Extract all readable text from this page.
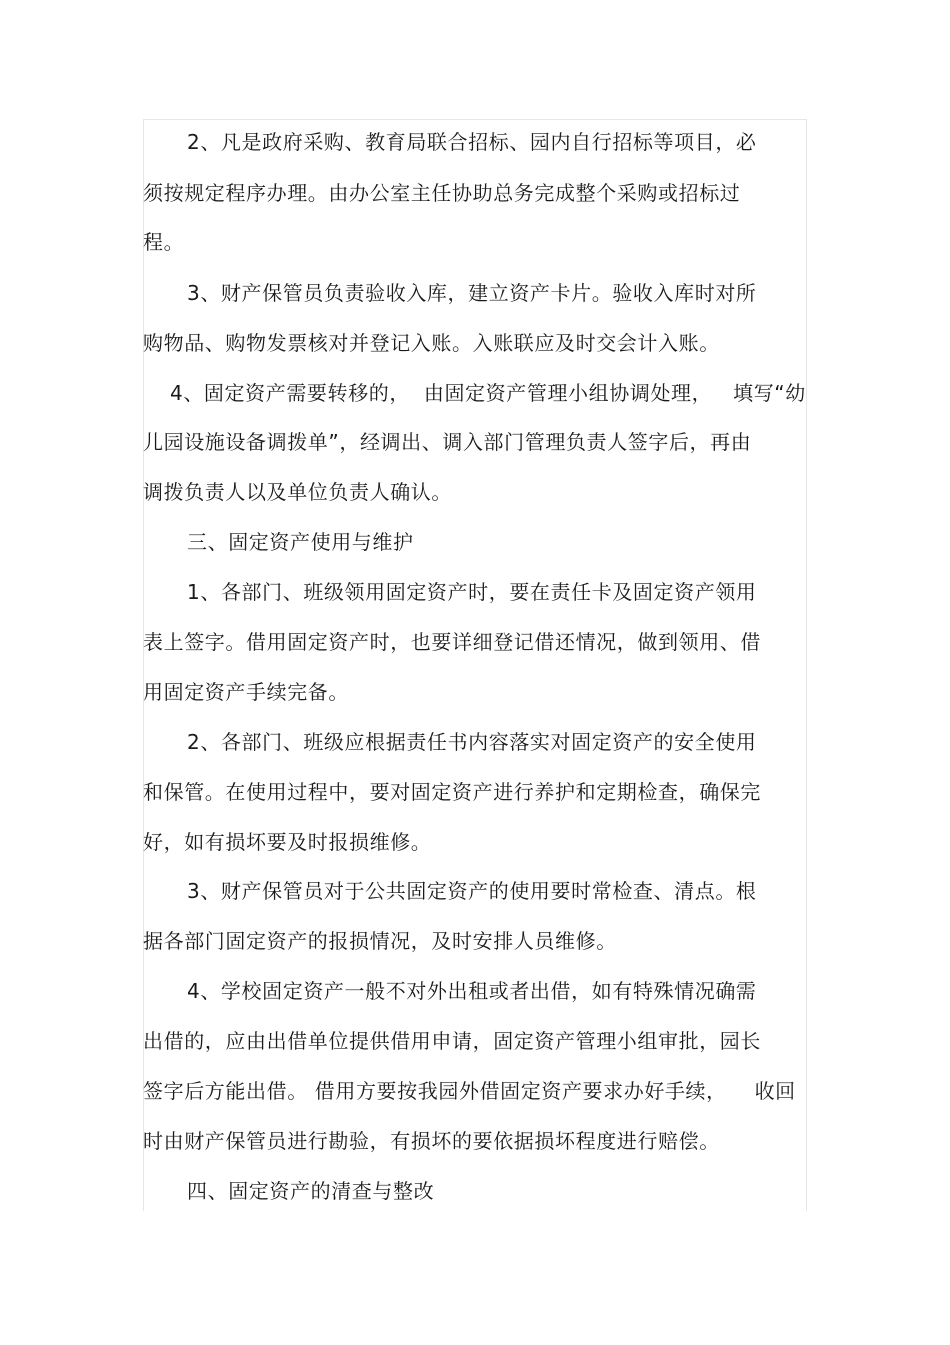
2、凡是政府采购、教育局联合招标、园内自行招标等项目，必
须按规定程序办理。由办公室主任协助总务完成整个采购或招标过
程。
3、财产保管员负责验收入库，建立资产卡片。验收入库时对所
购物品、购物发票核对并登记入账。入账联应及时交会计入账。
4、固定资产需要转移的，  由固定资产管理小组协调处理，   填写“幼
儿园设施设备调拨单”，经调出、调入部门管理负责人签字后，再由
调拨负责人以及单位负责人确认。
三、固定资产使用与维护
1、各部门、班级领用固定资产时，要在责任卡及固定资产领用
表上签字。借用固定资产时，也要详细登记借还情况，做到领用、借
用固定资产手续完备。
2、各部门、班级应根据责任书内容落实对固定资产的安全使用
和保管。在使用过程中，要对固定资产进行养护和定期检查，确保完
好，如有损坏要及时报损维修。
3、财产保管员对于公共固定资产的使用要时常检查、清点。根
据各部门固定资产的报损情况，及时安排人员维修。
4、学校固定资产一般不对外出租或者出借，如有特殊情况确需
出借的，应由出借单位提供借用申请，固定资产管理小组审批，园长
签字后方能出借。 借用方要按我园外借固定资产要求办好手续，    收回
时由财产保管员进行勘验，有损坏的要依据损坏程度进行赔偿。
四、固定资产的清查与整改
